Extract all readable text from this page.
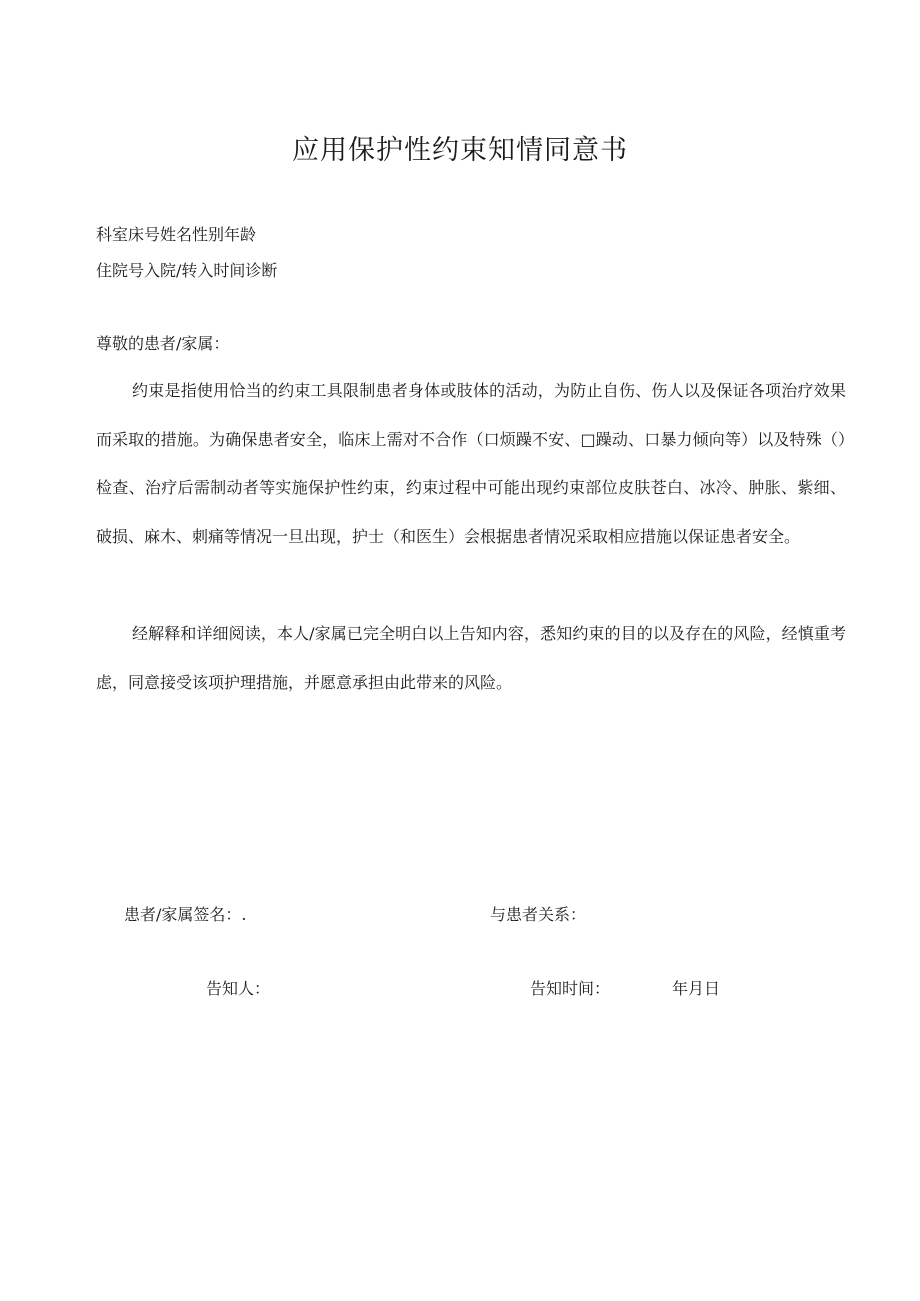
应用保护性约束知情同意书

科室床号姓名性别年龄

住院号入院/转入时间诊断

尊敬的患者/家属：

约束是指使用恰当的约束工具限制患者身体或肢体的活动，为防止自伤、伤人以及保证各项治疗效果而采取的措施。为确保患者安全，临床上需对不合作（口烦躁不安、□躁动、口暴力倾向等）以及特殊（）检查、治疗后需制动者等实施保护性约束，约束过程中可能出现约束部位皮肤苍白、冰冷、肿胀、紫细、破损、麻木、刺痛等情况一旦出现，护士（和医生）会根据患者情况采取相应措施以保证患者安全。

经解释和详细阅读，本人/家属已完全明白以上告知内容，悉知约束的目的以及存在的风险，经慎重考虑，同意接受该项护理措施，并愿意承担由此带来的风险。

患者/家属签名：.	与患者关系：

告知人：	告知时间：	年月日
